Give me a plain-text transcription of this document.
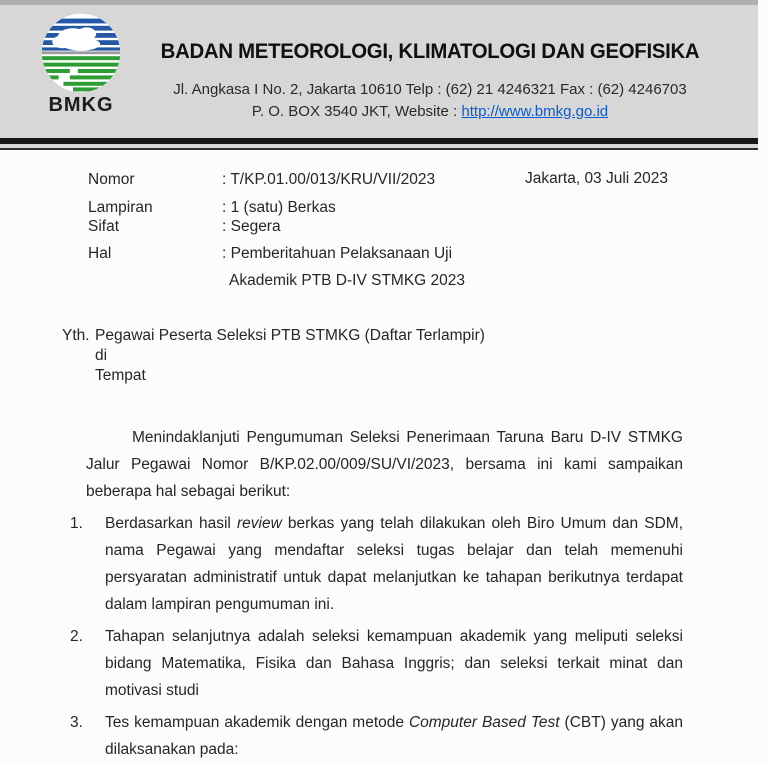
BMKG
BADAN METEOROLOGI, KLIMATOLOGI DAN GEOFISIKA
Jl. Angkasa I No. 2, Jakarta 10610 Telp : (62) 21 4246321 Fax : (62) 4246703
P. O. BOX 3540 JKT, Website : http://www.bmkg.go.id
Nomor	: T/KP.01.00/013/KRU/VII/2023	Jakarta, 03 Juli 2023
Lampiran	: 1 (satu) Berkas
Sifat	: Segera
Hal	: Pemberitahuan Pelaksanaan Uji
Akademik PTB D-IV STMKG 2023
Yth. Pegawai Peserta Seleksi PTB STMKG (Daftar Terlampir)
di
Tempat

Menindaklanjuti Pengumuman Seleksi Penerimaan Taruna Baru D-IV STMKG Jalur Pegawai Nomor B/KP.02.00/009/SU/VI/2023, bersama ini kami sampaikan beberapa hal sebagai berikut:

1.	Berdasarkan hasil review berkas yang telah dilakukan oleh Biro Umum dan SDM, nama Pegawai yang mendaftar seleksi tugas belajar dan telah memenuhi persyaratan administratif untuk dapat melanjutkan ke tahapan berikutnya terdapat dalam lampiran pengumuman ini.
2.	Tahapan selanjutnya adalah seleksi kemampuan akademik yang meliputi seleksi bidang Matematika, Fisika dan Bahasa Inggris; dan seleksi terkait minat dan motivasi studi
3.	Tes kemampuan akademik dengan metode Computer Based Test (CBT) yang akan dilaksanakan pada:
